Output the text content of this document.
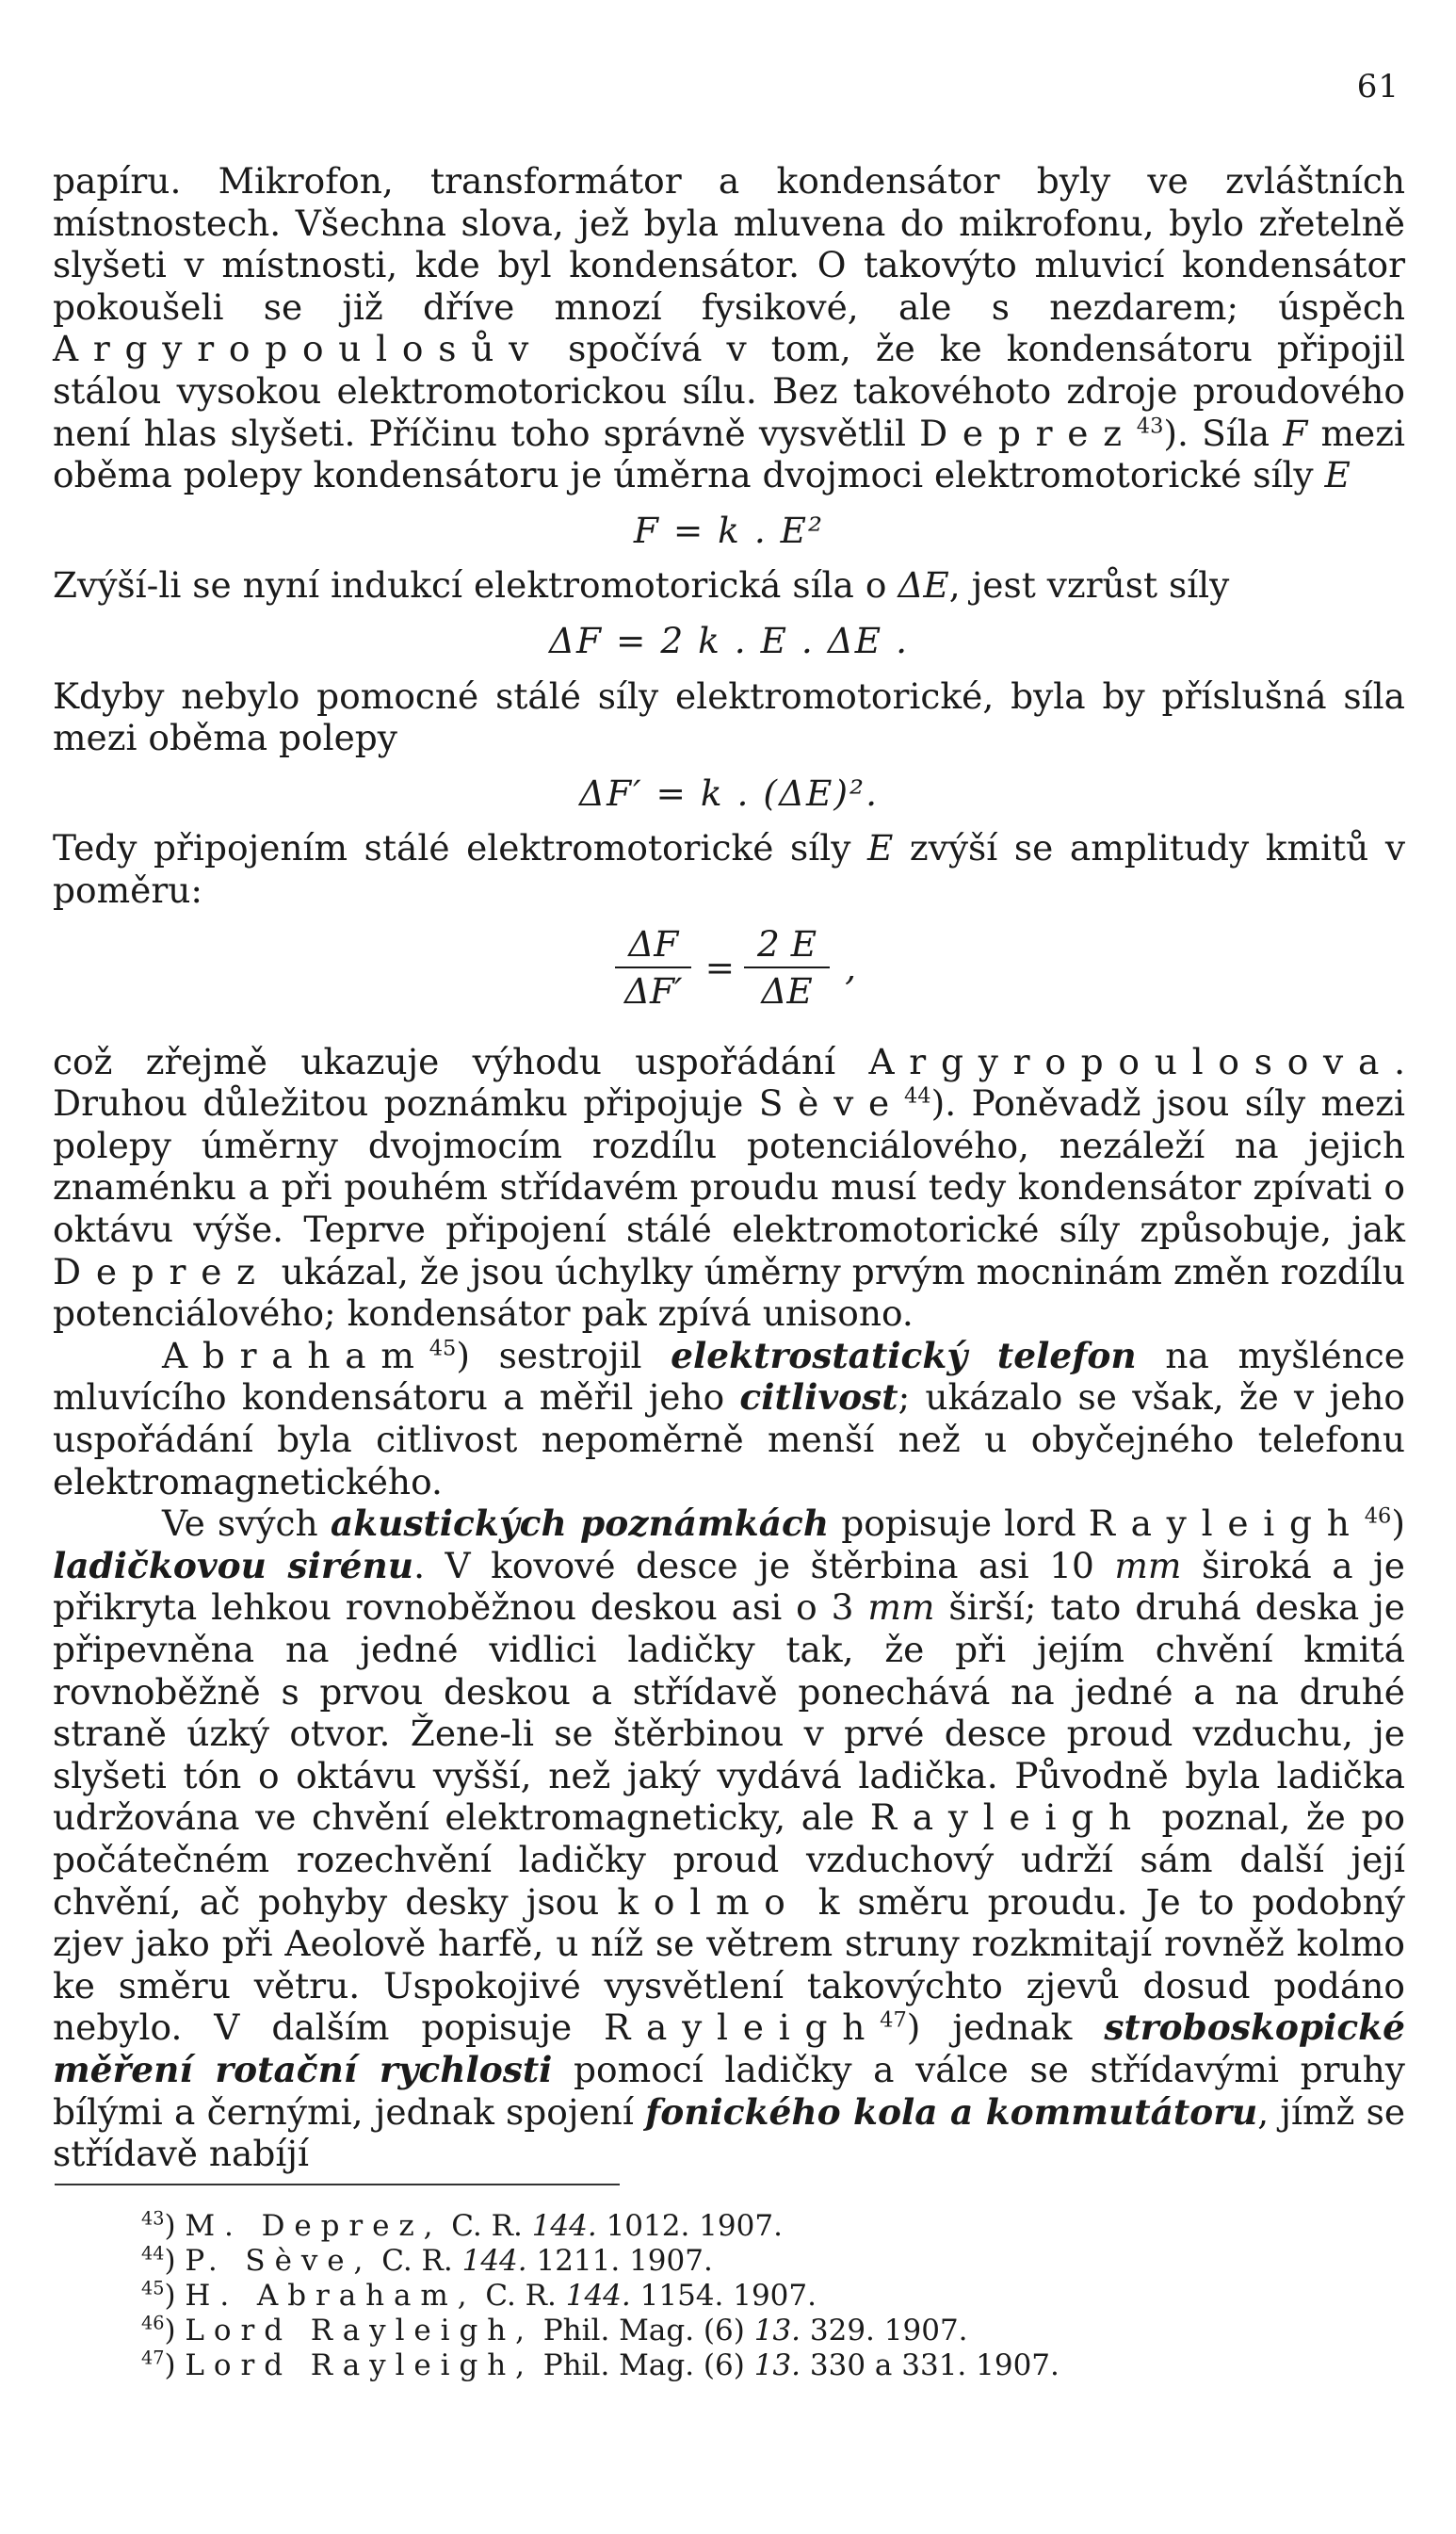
61

papíru. Mikrofon, transformátor a kondensátor byly ve zvláštních místnostech. Všechna slova, jež byla mluvena do mikrofonu, bylo zřetelně slyšeti v místnosti, kde byl kondensátor. O takovýto mluvicí kondensátor pokoušeli se již dříve mnozí fysikové, ale s nezdarem; úspěch Argyropoulosův spočívá v tom, že ke kondensátoru připojil stálou vysokou elektromotorickou sílu. Bez takovéhoto zdroje proudového není hlas slyšeti. Příčinu toho správně vysvětlil Deprez$^{43}$). Síla F mezi oběma polepy kondensátoru je úměrna dvojmoci elektromotorické síly E

F = k . E²

Zvýší-li se nyní indukcí elektromotorická síla o ΔE, jest vzrůst síly

ΔF = 2 k . E . ΔE .

Kdyby nebylo pomocné stálé síly elektromotorické, byla by příslušná síla mezi oběma polepy

ΔF′ = k . (ΔE)².

Tedy připojením stálé elektromotorické síly E zvýší se amplitudy kmitů v poměru:

$\frac{\Delta F}{\Delta F'} = \frac{2 E}{\Delta E}$ ,

což zřejmě ukazuje výhodu uspořádání Argyropoulosova. Druhou důležitou poznámku připojuje Sève$^{44}$). Poněvadž jsou síly mezi polepy úměrny dvojmocím rozdílu potenciálového, nezáleží na jejich znaménku a při pouhém střídavém proudu musí tedy kondensátor zpívati o oktávu výše. Teprve připojení stálé elektromotorické síly způsobuje, jak Deprez ukázal, že jsou úchylky úměrny prvým mocninám změn rozdílu potenciálového; kondensátor pak zpívá unisono.

Abraham$^{45}$) sestrojil elektrostatický telefon na myšlénce mluvícího kondensátoru a měřil jeho citlivost; ukázalo se však, že v jeho uspořádání byla citlivost nepoměrně menší než u obyčejného telefonu elektromagnetického.

Ve svých akustických poznámkách popisuje lord Rayleigh$^{46}$) ladičkovou sirénu. V kovové desce je štěrbina asi 10 mm široká a je přikryta lehkou rovnoběžnou deskou asi o 3 mm širší; tato druhá deska je připevněna na jedné vidlici ladičky tak, že při jejím chvění kmitá rovnoběžně s prvou deskou a střídavě ponechává na jedné a na druhé straně úzký otvor. Žene-li se štěrbinou v prvé desce proud vzduchu, je slyšeti tón o oktávu vyšší, než jaký vydává ladička. Původně byla ladička udržována ve chvění elektromagneticky, ale Rayleigh poznal, že po počátečném rozechvění ladičky proud vzduchový udrží sám další její chvění, ač pohyby desky jsou kolmo k směru proudu. Je to podobný zjev jako při Aeolově harfě, u níž se větrem struny rozkmitají rovněž kolmo ke směru větru. Uspokojivé vysvětlení takovýchto zjevů dosud podáno nebylo. V dalším popisuje Rayleigh$^{47}$) jednak stroboskopické měření rotační rychlosti pomocí ladičky a válce se střídavými pruhy bílými a černými, jednak spojení fonického kola a kommutátoru, jímž se střídavě nabíjí

$^{43}$) M. Deprez, C. R. 144. 1012. 1907.
$^{44}$) P. Sève, C. R. 144. 1211. 1907.
$^{45}$) H. Abraham, C. R. 144. 1154. 1907.
$^{46}$) Lord Rayleigh, Phil. Mag. (6) 13. 329. 1907.
$^{47}$) Lord Rayleigh, Phil. Mag. (6) 13. 330 a 331. 1907.
